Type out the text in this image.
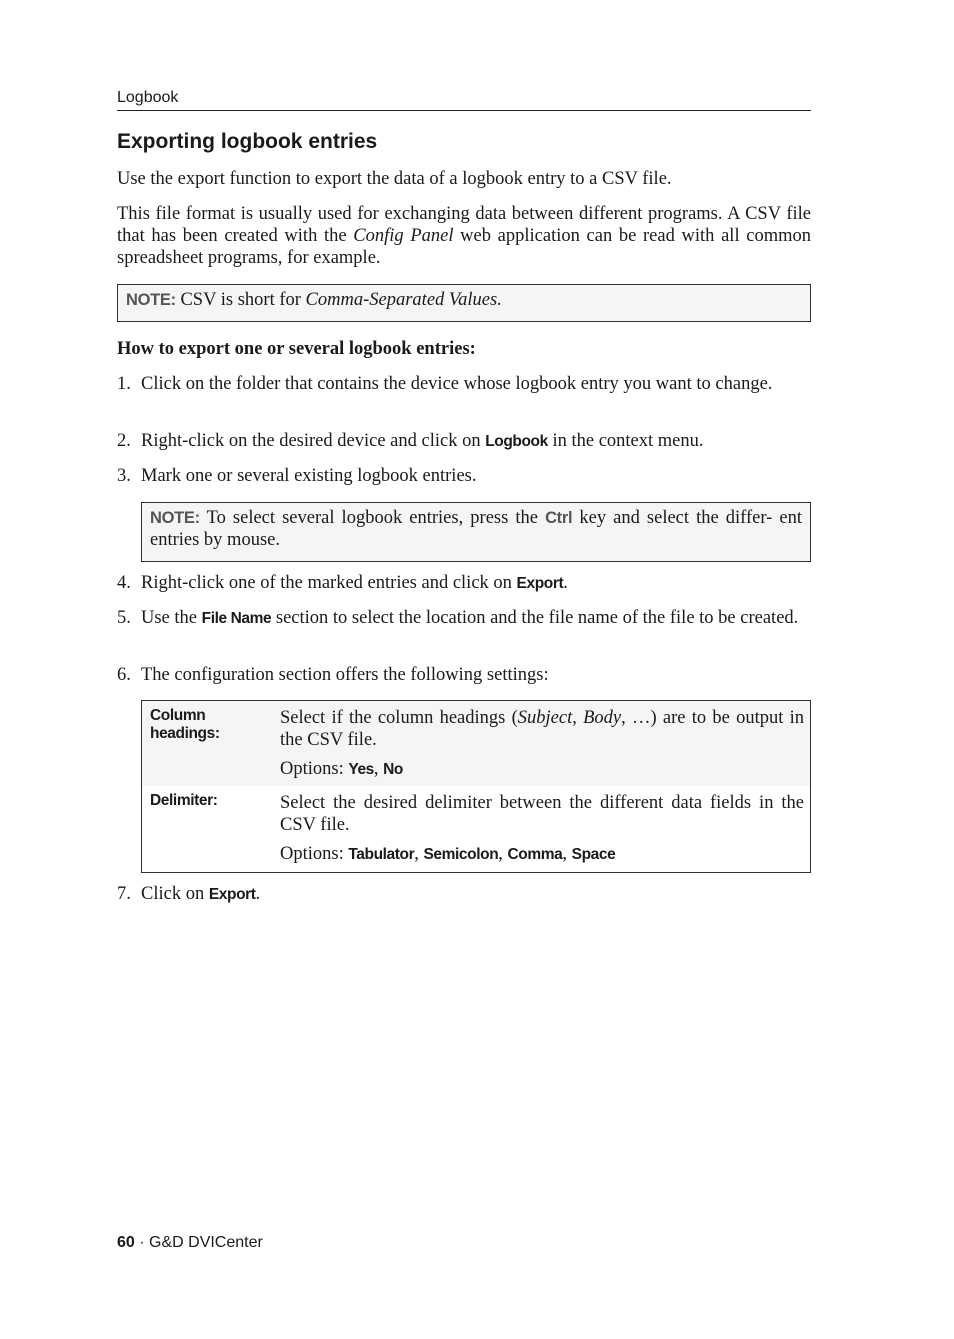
Logbook
Exporting logbook entries

Use the export function to export the data of a logbook entry to a CSV file.

This file format is usually used for exchanging data between different programs. A CSV file that has been created with the Config Panel web application can be read with all common spreadsheet programs, for example.

NOTE: CSV is short for Comma-Separated Values.

How to export one or several logbook entries:

1. Click on the folder that contains the device whose logbook entry you want to change.
2. Right-click on the desired device and click on Logbook in the context menu.
3. Mark one or several existing logbook entries.
NOTE: To select several logbook entries, press the Ctrl key and select the differ- ent entries by mouse.
4. Right-click one of the marked entries and click on Export.
5. Use the File Name section to select the location and the file name of the file to be created.
6. The configuration section offers the following settings:
Column headings:
Select if the column headings (Subject, Body, …) are to be output in the CSV file.
Options: Yes, No
Delimiter:	Select the desired delimiter between the different data fields in the CSV file.
Options: Tabulator, Semicolon, Comma, Space
7. Click on Export.
60 · G&D DVICenter
